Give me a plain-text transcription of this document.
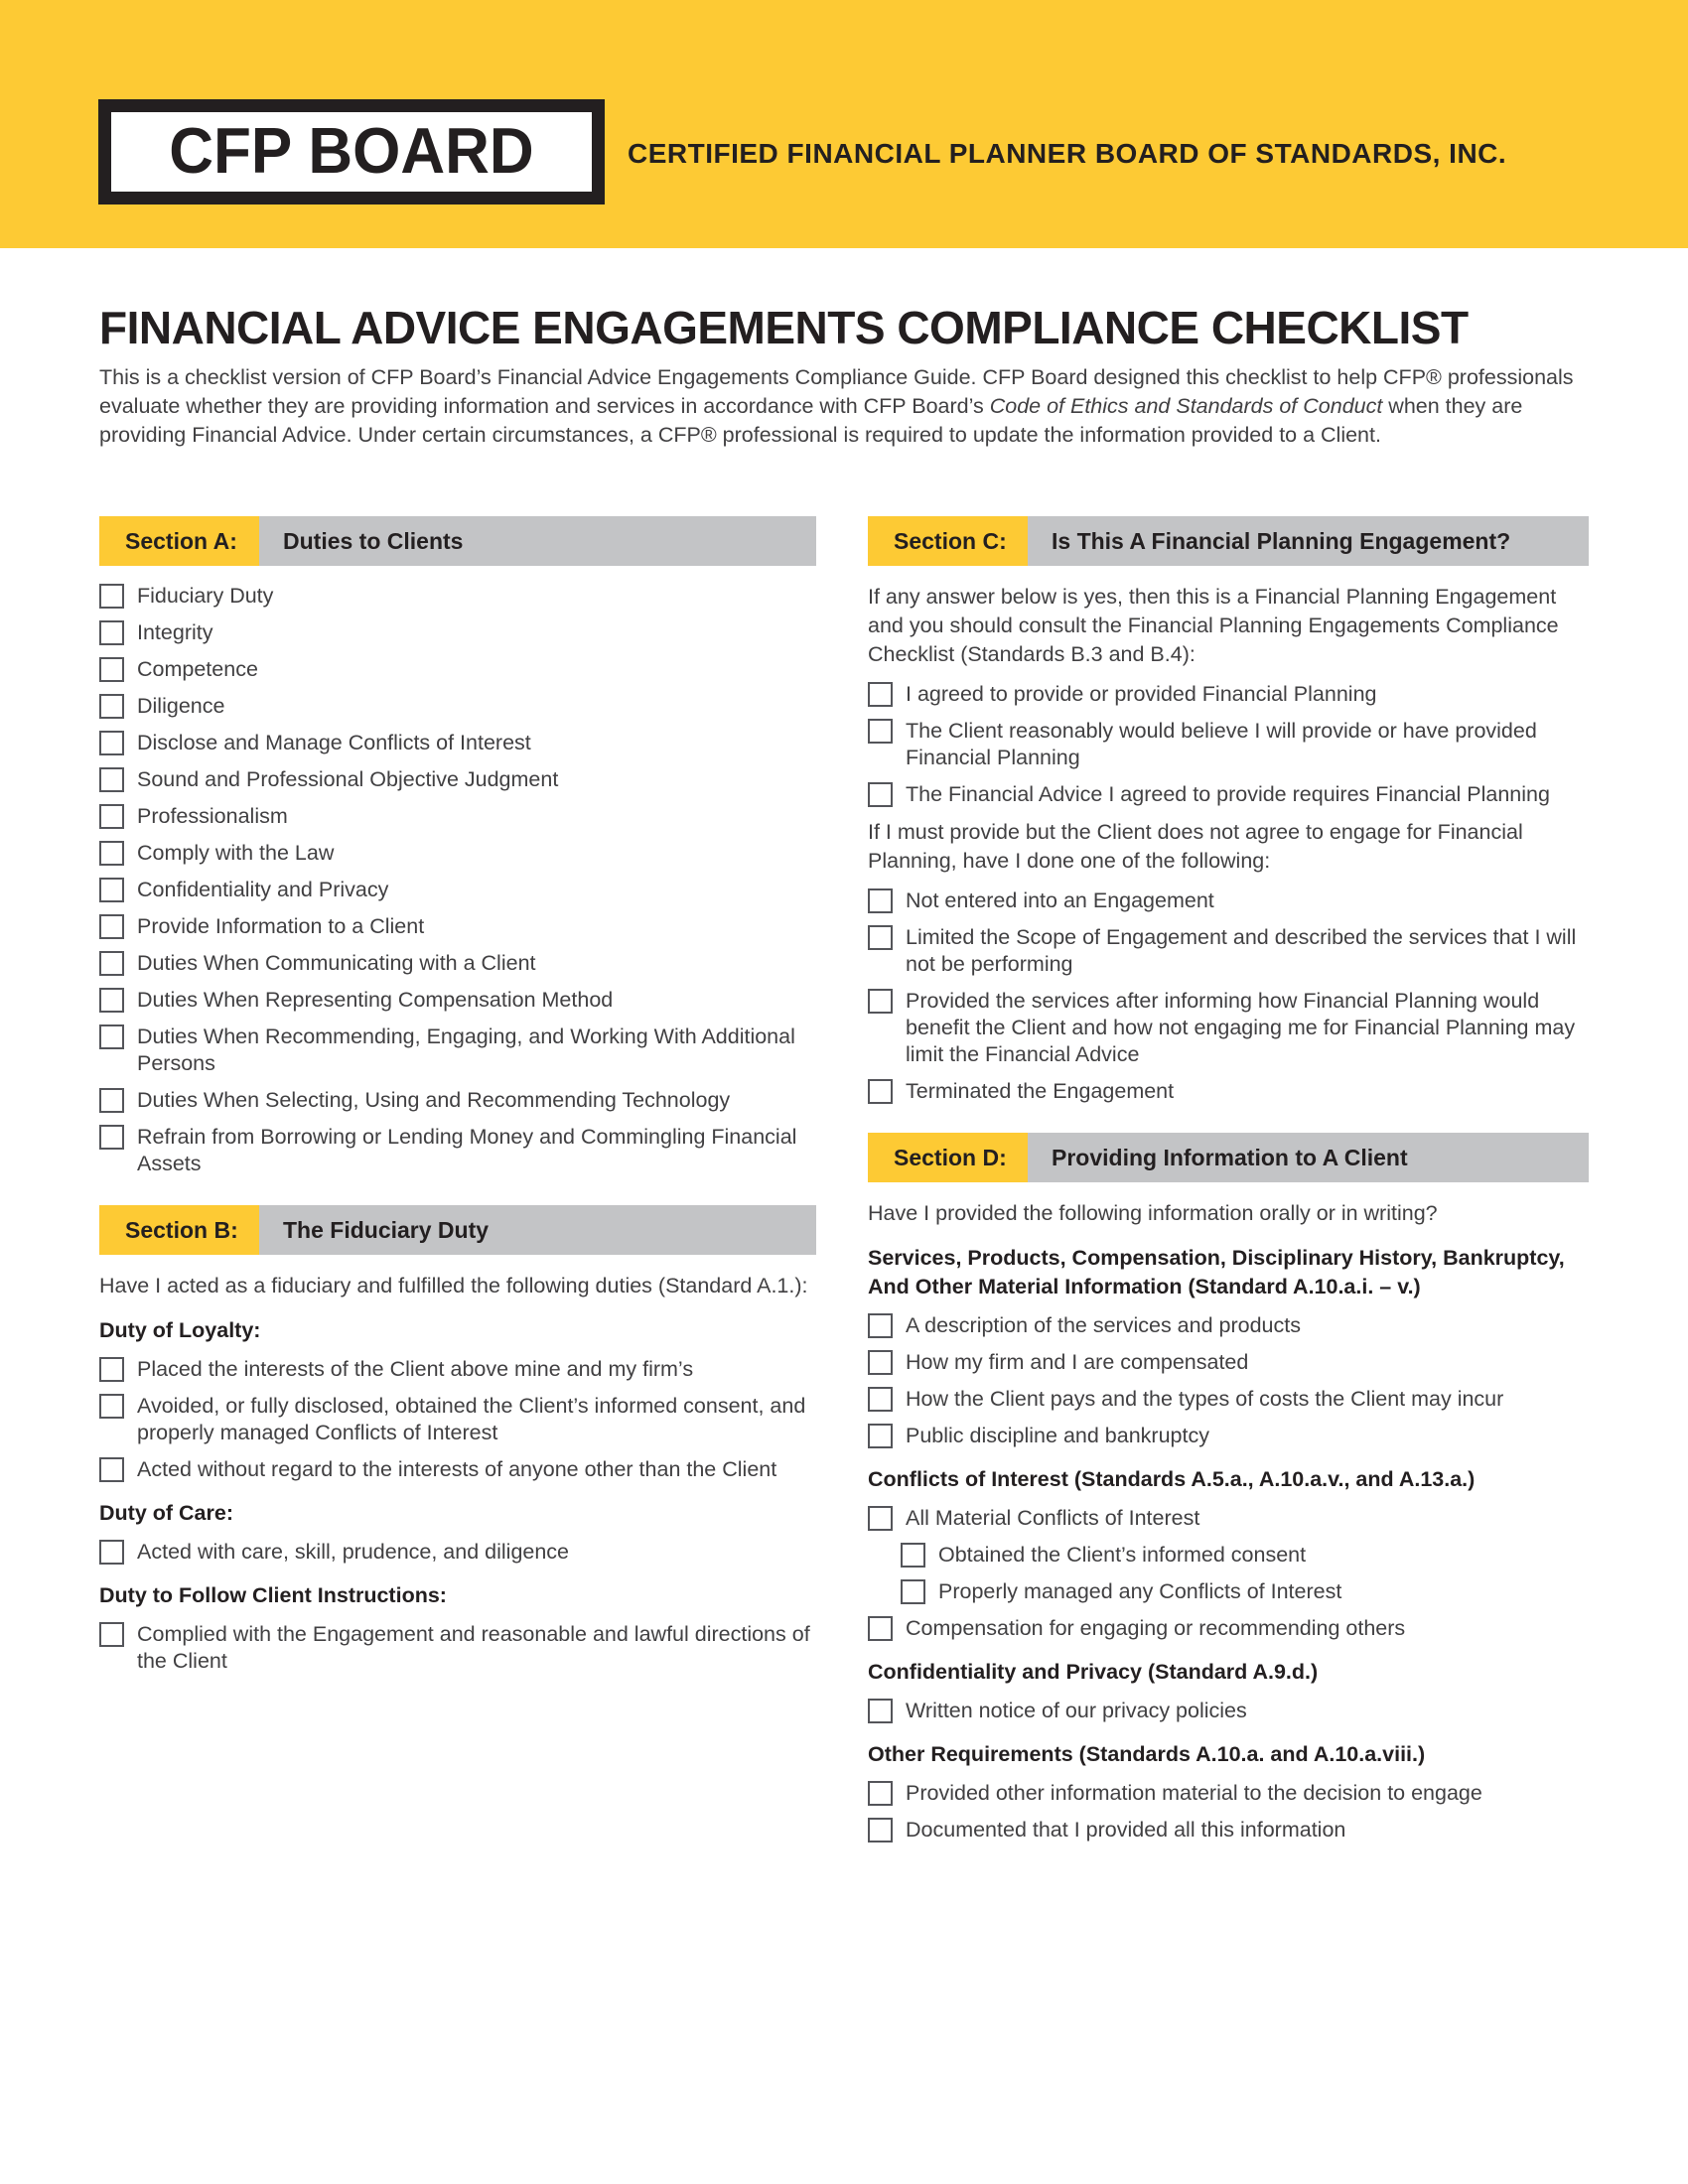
CFP BOARD	CERTIFIED FINANCIAL PLANNER BOARD OF STANDARDS, INC.
FINANCIAL ADVICE ENGAGEMENTS COMPLIANCE CHECKLIST
This is a checklist version of CFP Board’s Financial Advice Engagements Compliance Guide. CFP Board designed this checklist to help CFP® professionals evaluate whether they are providing information and services in accordance with CFP Board’s Code of Ethics and Standards of Conduct when they are providing Financial Advice. Under certain circumstances, a CFP® professional is required to update the information provided to a Client.
Section A:	Duties to Clients
Fiduciary Duty
Integrity
Competence
Diligence
Disclose and Manage Conflicts of Interest
Sound and Professional Objective Judgment
Professionalism
Comply with the Law
Confidentiality and Privacy
Provide Information to a Client
Duties When Communicating with a Client
Duties When Representing Compensation Method
Duties When Recommending, Engaging, and Working With Additional Persons
Duties When Selecting, Using and Recommending Technology
Refrain from Borrowing or Lending Money and Commingling Financial Assets
Section B:	The Fiduciary Duty

Have I acted as a fiduciary and fulfilled the following duties (Standard A.1.):

Duty of Loyalty:
Placed the interests of the Client above mine and my firm’s
Avoided, or fully disclosed, obtained the Client’s informed consent, and properly managed Conflicts of Interest
Acted without regard to the interests of anyone other than the Client
Duty of Care:
Acted with care, skill, prudence, and diligence
Duty to Follow Client Instructions:
Complied with the Engagement and reasonable and lawful directions of the Client
Section C:	Is This A Financial Planning Engagement?

If any answer below is yes, then this is a Financial Planning Engagement and you should consult the Financial Planning Engagements Compliance Checklist (Standards B.3 and B.4):

I agreed to provide or provided Financial Planning
The Client reasonably would believe I will provide or have provided Financial Planning
The Financial Advice I agreed to provide requires Financial Planning

If I must provide but the Client does not agree to engage for Financial Planning, have I done one of the following:

Not entered into an Engagement
Limited the Scope of Engagement and described the services that I will not be performing
Provided the services after informing how Financial Planning would benefit the Client and how not engaging me for Financial Planning may limit the Financial Advice
Terminated the Engagement
Section D:	Providing Information to A Client

Have I provided the following information orally or in writing?

Services, Products, Compensation, Disciplinary History, Bankruptcy, And Other Material Information (Standard A.10.a.i. – v.)
A description of the services and products
How my firm and I are compensated
How the Client pays and the types of costs the Client may incur
Public discipline and bankruptcy
Conflicts of Interest (Standards A.5.a., A.10.a.v., and A.13.a.)
All Material Conflicts of Interest
Obtained the Client’s informed consent
Properly managed any Conflicts of Interest
Compensation for engaging or recommending others
Confidentiality and Privacy (Standard A.9.d.)
Written notice of our privacy policies
Other Requirements (Standards A.10.a. and A.10.a.viii.)
Provided other information material to the decision to engage
Documented that I provided all this information
